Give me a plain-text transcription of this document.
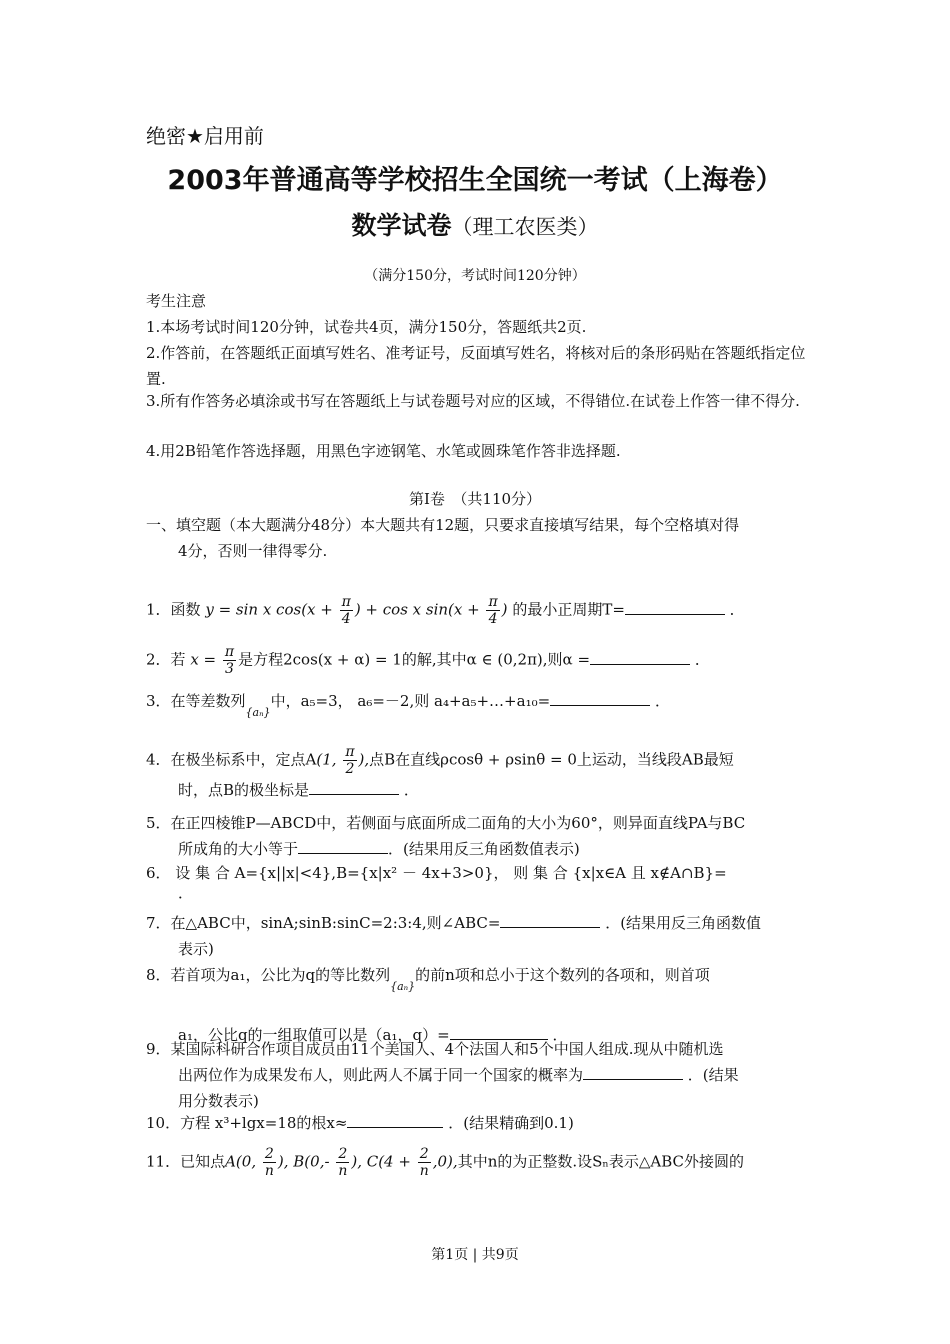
绝密★启用前
2003年普通高等学校招生全国统一考试（上海卷）
数学试卷（理工农医类）
（满分150分，考试时间120分钟）
考生注意
1.本场考试时间120分钟，试卷共4页，满分150分，答题纸共2页.
2.作答前，在答题纸正面填写姓名、准考证号，反面填写姓名，将核对后的条形码贴在答题纸指定位置.
3.所有作答务必填涂或书写在答题纸上与试卷题号对应的区域，不得错位.在试卷上作答一律不得分.
4.用2B铅笔作答选择题，用黑色字迹钢笔、水笔或圆珠笔作答非选择题.
第Ⅰ卷　（共110分）
一、填空题（本大题满分48分）本大题共有12题，只要求直接填写结果，每个空格填对得
4分，否则一律得零分.
1．函数 y = sin x $\cos(x + \frac{\pi}{4}$ ) + cos x $\sin(x + \frac{\pi}{4}$ ) 的最小正周期T=	．
2．若 $x = \frac{\pi}{3}$ 是方程2cos(x + α) = 1的解,其中α ∈ (0,2π),则α =	．
3．在等差数列{aₙ}中，a₅=3， a₆=－2,则 a₄+a₅+…+a₁₀=	．
4．在极坐标系中，定点A(1, $\frac{\pi}{2}$ ),点B在直线ρcosθ + ρsinθ = 0上运动，当线段AB最短
时，点B的极坐标是	．
5．在正四棱锥P—ABCD中，若侧面与底面所成二面角的大小为60°，则异面直线PA与BC
所成角的大小等于	．(结果用反三角函数值表示)
6． 设 集 合 A={x||x|<4},B={x|x² － 4x+3>0}， 则 集 合 {x|x∈A 且 x∉A∩B}=
．
7．在△ABC中，sinA;sinB:sinC=2:3:4,则∠ABC=	．(结果用反三角函数值
表示)
8．若首项为a₁，公比为q的等比数列{aₙ}的前n项和总小于这个数列的各项和，则首项
a₁，公比q的一组取值可以是（a₁，q）=	．
9．某国际科研合作项目成员由11个美国人、4个法国人和5个中国人组成.现从中随机选
出两位作为成果发布人，则此两人不属于同一个国家的概率为	．(结果
用分数表示)
10．方程 x³+lgx=18的根x≈	．(结果精确到0.1)
11．已知点A(0, $\frac{2}{n}$ ), $B(0,- \frac{2}{n}$ ), $C(4 + \frac{2}{n} ,0)$,其中n的为正整数.设Sₙ表示△ABC外接圆的
第1页 | 共9页
